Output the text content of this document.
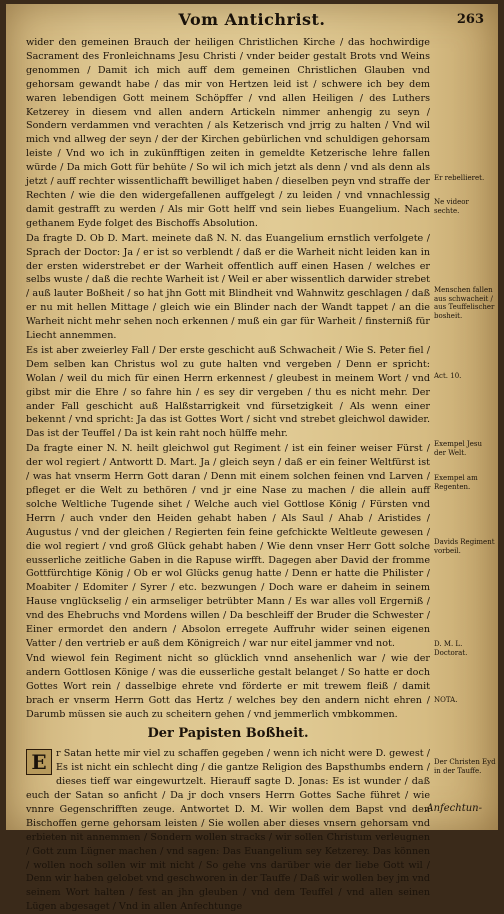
Vom Antichrist.	263

wider den gemeinen Brauch der heiligen Christlichen Kirche / das hochwirdige Sacrament des Fronleichnams Jesu Christi / vnder beider gestalt Brots vnd Weins genommen / Damit ich mich auff dem gemeinen Christlichen Glauben vnd gehorsam gewandt habe / das mir von Hertzen leid ist / schwere ich bey dem waren lebendigen Gott meinem Schöpffer / vnd allen Heiligen / des Luthers Ketzerey in diesem vnd allen andern Artickeln nimmer anhengig zu seyn / Sondern verdammen vnd verachten / als Ketzerisch vnd jrrig zu halten / Vnd wil mich vnd allweg der seyn / der der Kirchen gebürlichen vnd schuldigen gehorsam leiste / Vnd wo ich in zukünfftigen zeiten in gemeldte Ketzerische lehre fallen würde / Da mich Gott für behüte / So wil ich mich jetzt als denn / vnd als denn als jetzt / auff rechter wissentlichafft bewilliget haben / dieselben peyn vnd straffe der Rechten / wie die den widergefallenen auffgelegt / zu leiden / vnd vnnachlessig damit gestrafft zu werden / Als mir Gott helff vnd sein liebes Euangelium. Nach gethanem Eyde folget des Bischoffs Absolution.

Da fragte D. Ob D. Mart. meinete daß N. N. das Euangelium ernstlich verfolgete / Sprach der Doctor: Ja / er ist so verblendt / daß er die Warheit nicht leiden kan in der ersten widerstrebet er der Warheit offentlich auff einen Hasen / welches er selbs wuste / daß die rechte Warheit ist / Weil er aber wissentlich darwider strebet / auß lauter Boßheit / so hat jhn Gott mit Blindheit vnd Wahnwitz geschlagen / daß er nu mit hellen Mittage / gleich wie ein Blinder nach der Wandt tappet / an die Warheit nicht mehr sehen noch erkennen / muß ein gar für Warheit / finsterniß für Liecht annemmen.

Es ist aber zweierley Fall / Der erste geschicht auß Schwacheit / Wie S. Peter fiel / Dem selben kan Christus wol zu gute halten vnd vergeben / Denn er spricht: Wolan / weil du mich für einen Herrn erkennest / gleubest in meinem Wort / vnd gibst mir die Ehre / so fahre hin / es sey dir vergeben / thu es nicht mehr. Der ander Fall geschicht auß Halßstarrigkeit vnd fürsetzigkeit / Als wenn einer bekennt / vnd spricht: Ja das ist Gottes Wort / sicht vnd strebet gleichwol dawider. Das ist der Teuffel / Da ist kein raht noch hülffe mehr.

Da fragte einer N. N. heilt gleichwol gut Regiment / ist ein feiner weiser Fürst / der wol regiert / Antwortt D. Mart. Ja / gleich seyn / daß er ein feiner Weltfürst ist / was hat vnserm Herrn Gott daran / Denn mit einem solchen feinen vnd Larven / pfleget er die Welt zu bethören / vnd jr eine Nase zu machen / die allein auff solche Weltliche Tugende sihet / Welche auch viel Gottlose König / Fürsten vnd Herrn / auch vnder den Heiden gehabt haben / Als Saul / Ahab / Aristides / Augustus / vnd der gleichen / Regierten fein feine gefchickte Weltleute gewesen / die wol regiert / vnd groß Glück gehabt haben / Wie denn vnser Herr Gott solche eusserliche zeitliche Gaben in die Rapuse wirfft. Dagegen aber David der fromme Gottfürchtige König / Ob er wol Glücks genug hatte / Denn er hatte die Philister / Moabiter / Edomiter / Syrer / etc. bezwungen / Doch ware er daheim in seinem Hause vnglückselig / ein armseliger betrübter Mann / Es war alles voll Ergerniß / vnd des Ehebruchs vnd Mordens willen / Da beschleiff der Bruder die Schwester / Einer ermordet den andern / Absolon erregete Auffruhr wider seinen eigenen Vatter / den vertrieb er auß dem Königreich / war nur eitel jammer vnd not.

Vnd wiewol fein Regiment nicht so glücklich vnnd ansehenlich war / wie der andern Gottlosen Könige / was die eusserliche gestalt belanget / So hatte er doch Gottes Wort rein / dasselbige ehrete vnd förderte er mit trewem fleiß / damit brach er vnserm Herrn Gott das Hertz / welches bey den andern nicht ehren / Darumb müssen sie auch zu scheitern gehen / vnd jemmerlich vmbkommen.

Der Papisten Boßheit.

E r Satan hette mir viel zu schaffen gegeben / wenn ich nicht were D. gewest / Es ist nicht ein schlecht ding / die gantze Religion des Bapsthumbs endern / dieses tieff war eingewurtzelt. Hierauff sagte D. Jonas: Es ist wunder / daß euch der Satan so anficht / Da jr doch vnsers Herrn Gottes Sache führet / wie vnnre Gegenschrifften zeuge. Antwortet D. M. Wir wollen dem Bapst vnd den Bischoffen gerne gehorsam leisten / Sie wollen aber dieses vnsern gehorsam vnd erbieten nit annemmen / Sondern wollen stracks / wir sollen Christum verleugnen / Gott zum Lügner machen / vnd sagen: Das Euangelium sey Ketzerey. Das können / wollen noch sollen wir mit nicht / So gehe vns darüber wie der liebe Gott wil / Denn wir haben gelobet vnd geschworen in der Tauffe / Daß wir wollen bey jm vnd seinem Wort halten / fest an jhn gleuben / vnd dem Teuffel / vnd allen seinen Lügen abgesaget / Vnd in allen Anfechtunge

Er rebellieret.
Ne videor sechte.
Menschen fallen aus schwacheit / aus Teuffelischer bosheit.
Act. 10.
Exempel Jesu der Welt.
Exempel am Regenten.
Davids Regiment vorbeil.
D. M. L. Doctorat.
NOTA.
Der Christen Eyd in der Tauffe.
Anfechtun-
